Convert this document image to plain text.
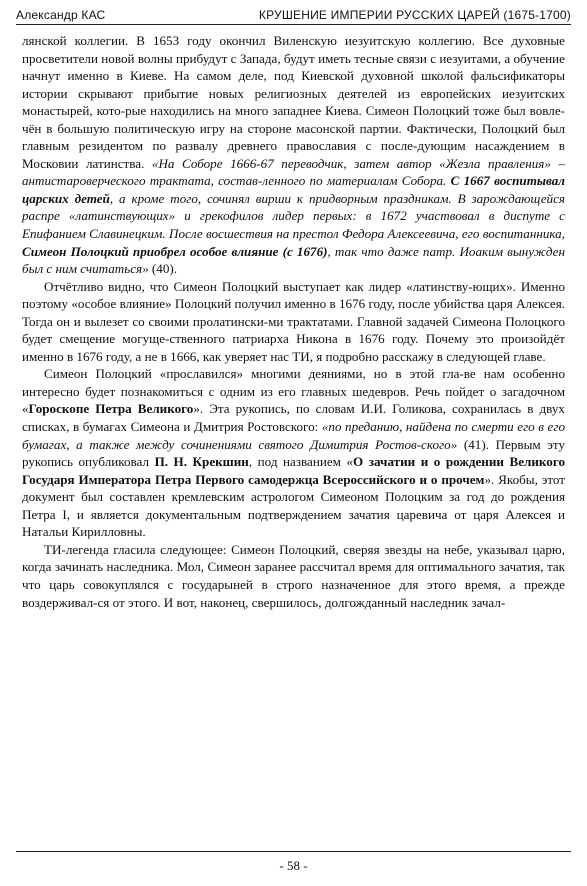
Александр КАС	КРУШЕНИЕ ИМПЕРИИ РУССКИХ ЦАРЕЙ (1675-1700)

лянской коллегии. В 1653 году окончил Виленскую иезуитскую коллегию. Все духовные просветители новой волны прибудут с Запада, будут иметь тесные связи с иезуитами, а обучение начнут именно в Киеве. На самом деле, под Киевской духовной школой фальсификаторы истории скрывают прибытие новых религиозных деятелей из европейских иезуитских монастырей, кото-рые находились на много западнее Киева. Симеон Полоцкий тоже был вовле-чён в большую политическую игру на стороне масонской партии. Фактически, Полоцкий был главным резидентом по развалу древнего православия с после-дующим насаждением в Московии латинства. «На Соборе 1666-67 переводчик, затем автор «Жезла правления» – антистароверческого трактата, состав-ленного по материалам Собора. С 1667 воспитывал царских детей, а кроме того, сочинял вирши к придворным праздникам. В зарождающейся распре «латинствующих» и грекофилов лидер первых: в 1672 участвовал в диспуте с Епифанием Славинецким. После восшествия на престол Федора Алексеевича, его воспитанника, Симеон Полоцкий приобрел особое влияние (с 1676), так что даже патр. Иоаким вынужден был с ним считаться» (40).

Отчётливо видно, что Симеон Полоцкий выступает как лидер «латинству-ющих». Именно поэтому «особое влияние» Полоцкий получил именно в 1676 году, после убийства царя Алексея. Тогда он и вылезет со своими пролатински-ми трактатами. Главной задачей Симеона Полоцкого будет смещение могуще-ственного патриарха Никона в 1676 году. Почему это произойдёт именно в 1676 году, а не в 1666, как уверяет нас ТИ, я подробно расскажу в следующей главе.

Симеон Полоцкий «прославился» многими деяниями, но в этой гла-ве нам особенно интересно будет познакомиться с одним из его главных шедевров. Речь пойдет о загадочном «Гороскопе Петра Великого». Эта рукопись, по словам И.И. Голикова, сохранилась в двух списках, в бумагах Симеона и Дмитрия Ростовского: «по преданию, найдена по смерти его в его бумагах, а также между сочинениями святого Димитрия Ростов-ского» (41). Первым эту рукопись опубликовал П. Н. Крекшин, под названием «О зачатии и о рождении Великого Государя Императора Петра Первого самодержца Всероссийского и о прочем». Якобы, этот документ был составлен кремлевским астрологом Симеоном Полоцким за год до рождения Петра I, и является документальным подтверждением зачатия царевича от царя Алексея и Натальи Кирилловны.

ТИ-легенда гласила следующее: Симеон Полоцкий, сверяя звезды на небе, указывал царю, когда зачинать наследника. Мол, Симеон заранее рассчитал время для оптимального зачатия, так что царь совокуплялся с государыней в строго назначенное для этого время, а прежде воздерживал-ся от этого. И вот, наконец, свершилось, долгожданный наследник зачал-

- 58 -
